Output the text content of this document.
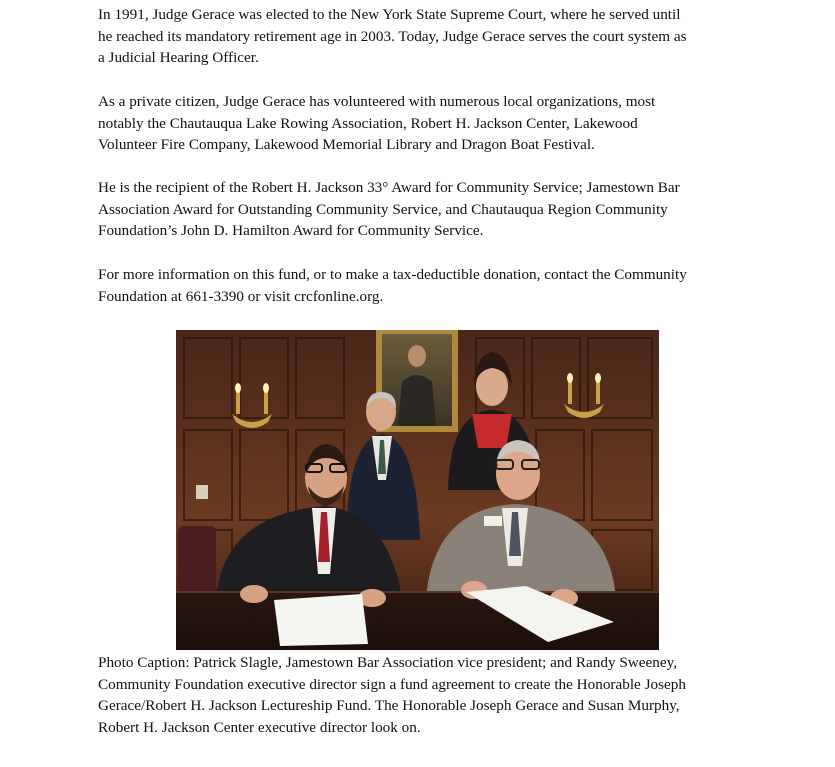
In 1991, Judge Gerace was elected to the New York State Supreme Court, where he served until
he reached its mandatory retirement age in 2003. Today, Judge Gerace serves the court system as
a Judicial Hearing Officer.

As a private citizen, Judge Gerace has volunteered with numerous local organizations, most
notably the Chautauqua Lake Rowing Association, Robert H. Jackson Center, Lakewood
Volunteer Fire Company, Lakewood Memorial Library and Dragon Boat Festival.

He is the recipient of the Robert H. Jackson 33° Award for Community Service; Jamestown Bar
Association Award for Outstanding Community Service, and Chautauqua Region Community
Foundation’s John D. Hamilton Award for Community Service.

For more information on this fund, or to make a tax-deductible donation, contact the Community
Foundation at 661-3390 or visit crcfonline.org.

Photo Caption: Patrick Slagle, Jamestown Bar Association vice president; and Randy Sweeney,
Community Foundation executive director sign a fund agreement to create the Honorable Joseph
Gerace/Robert H. Jackson Lectureship Fund. The Honorable Joseph Gerace and Susan Murphy,
Robert H. Jackson Center executive director look on.
